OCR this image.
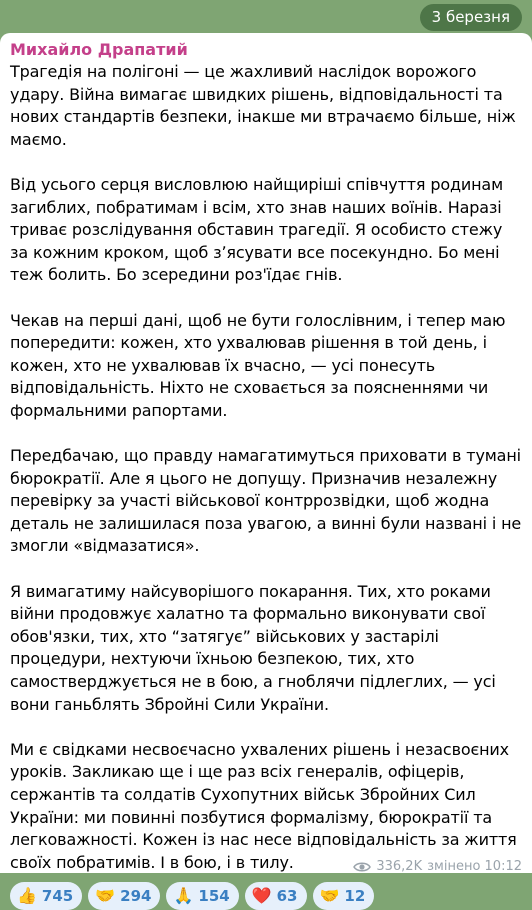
3 березня
Михайло Драпатий

Трагедія на полігоні — це жахливий наслідок ворожого удару. Війна вимагає швидких рішень, відповідальності та нових стандартів безпеки, інакше ми втрачаємо більше, ніж маємо.

Від усього серця висловлюю найщиріші співчуття родинам загиблих, побратимам і всім, хто знав наших воїнів. Наразі триває розслідування обставин трагедії. Я особисто стежу за кожним кроком, щоб зʼясувати все посекундно. Бо мені теж болить. Бо зсередини роз'їдає гнів.

Чекав на перші дані, щоб не бути голослівним, і тепер маю попередити: кожен, хто ухвалював рішення в той день, і кожен, хто не ухвалював їх вчасно, — усі понесуть відповідальність. Ніхто не сховається за поясненнями чи формальними рапортами.

Передбачаю, що правду намагатимуться приховати в тумані бюрократії. Але я цього не допущу. Призначив незалежну перевірку за участі військової контррозвідки, щоб жодна деталь не залишилася поза увагою, а винні були названі і не змогли «відмазатися».

Я вимагатиму найсуворішого покарання. Тих, хто роками війни продовжує халатно та формально виконувати свої обов'язки, тих, хто “затягує” військових у застарілі процедури, нехтуючи їхньою безпекою, тих, хто самостверджується не в бою, а гноблячи підлеглих, — усі вони ганьблять Збройні Сили України.

Ми є свідками несвоєчасно ухвалених рішень і незасвоєних уроків. Закликаю ще і ще раз всіх генералів, офіцерів, сержантів та солдатів Сухопутних військ Збройних Сил України: ми повинні позбутися формалізму, бюрократії та легковажності. Кожен із нас несе відповідальність за життя своїх побратимів. І в бою, і в тилу.

👍 745 🤝 294 🙏 154 ❤️ 63 🤝 12
336,2K змінено 10:12
